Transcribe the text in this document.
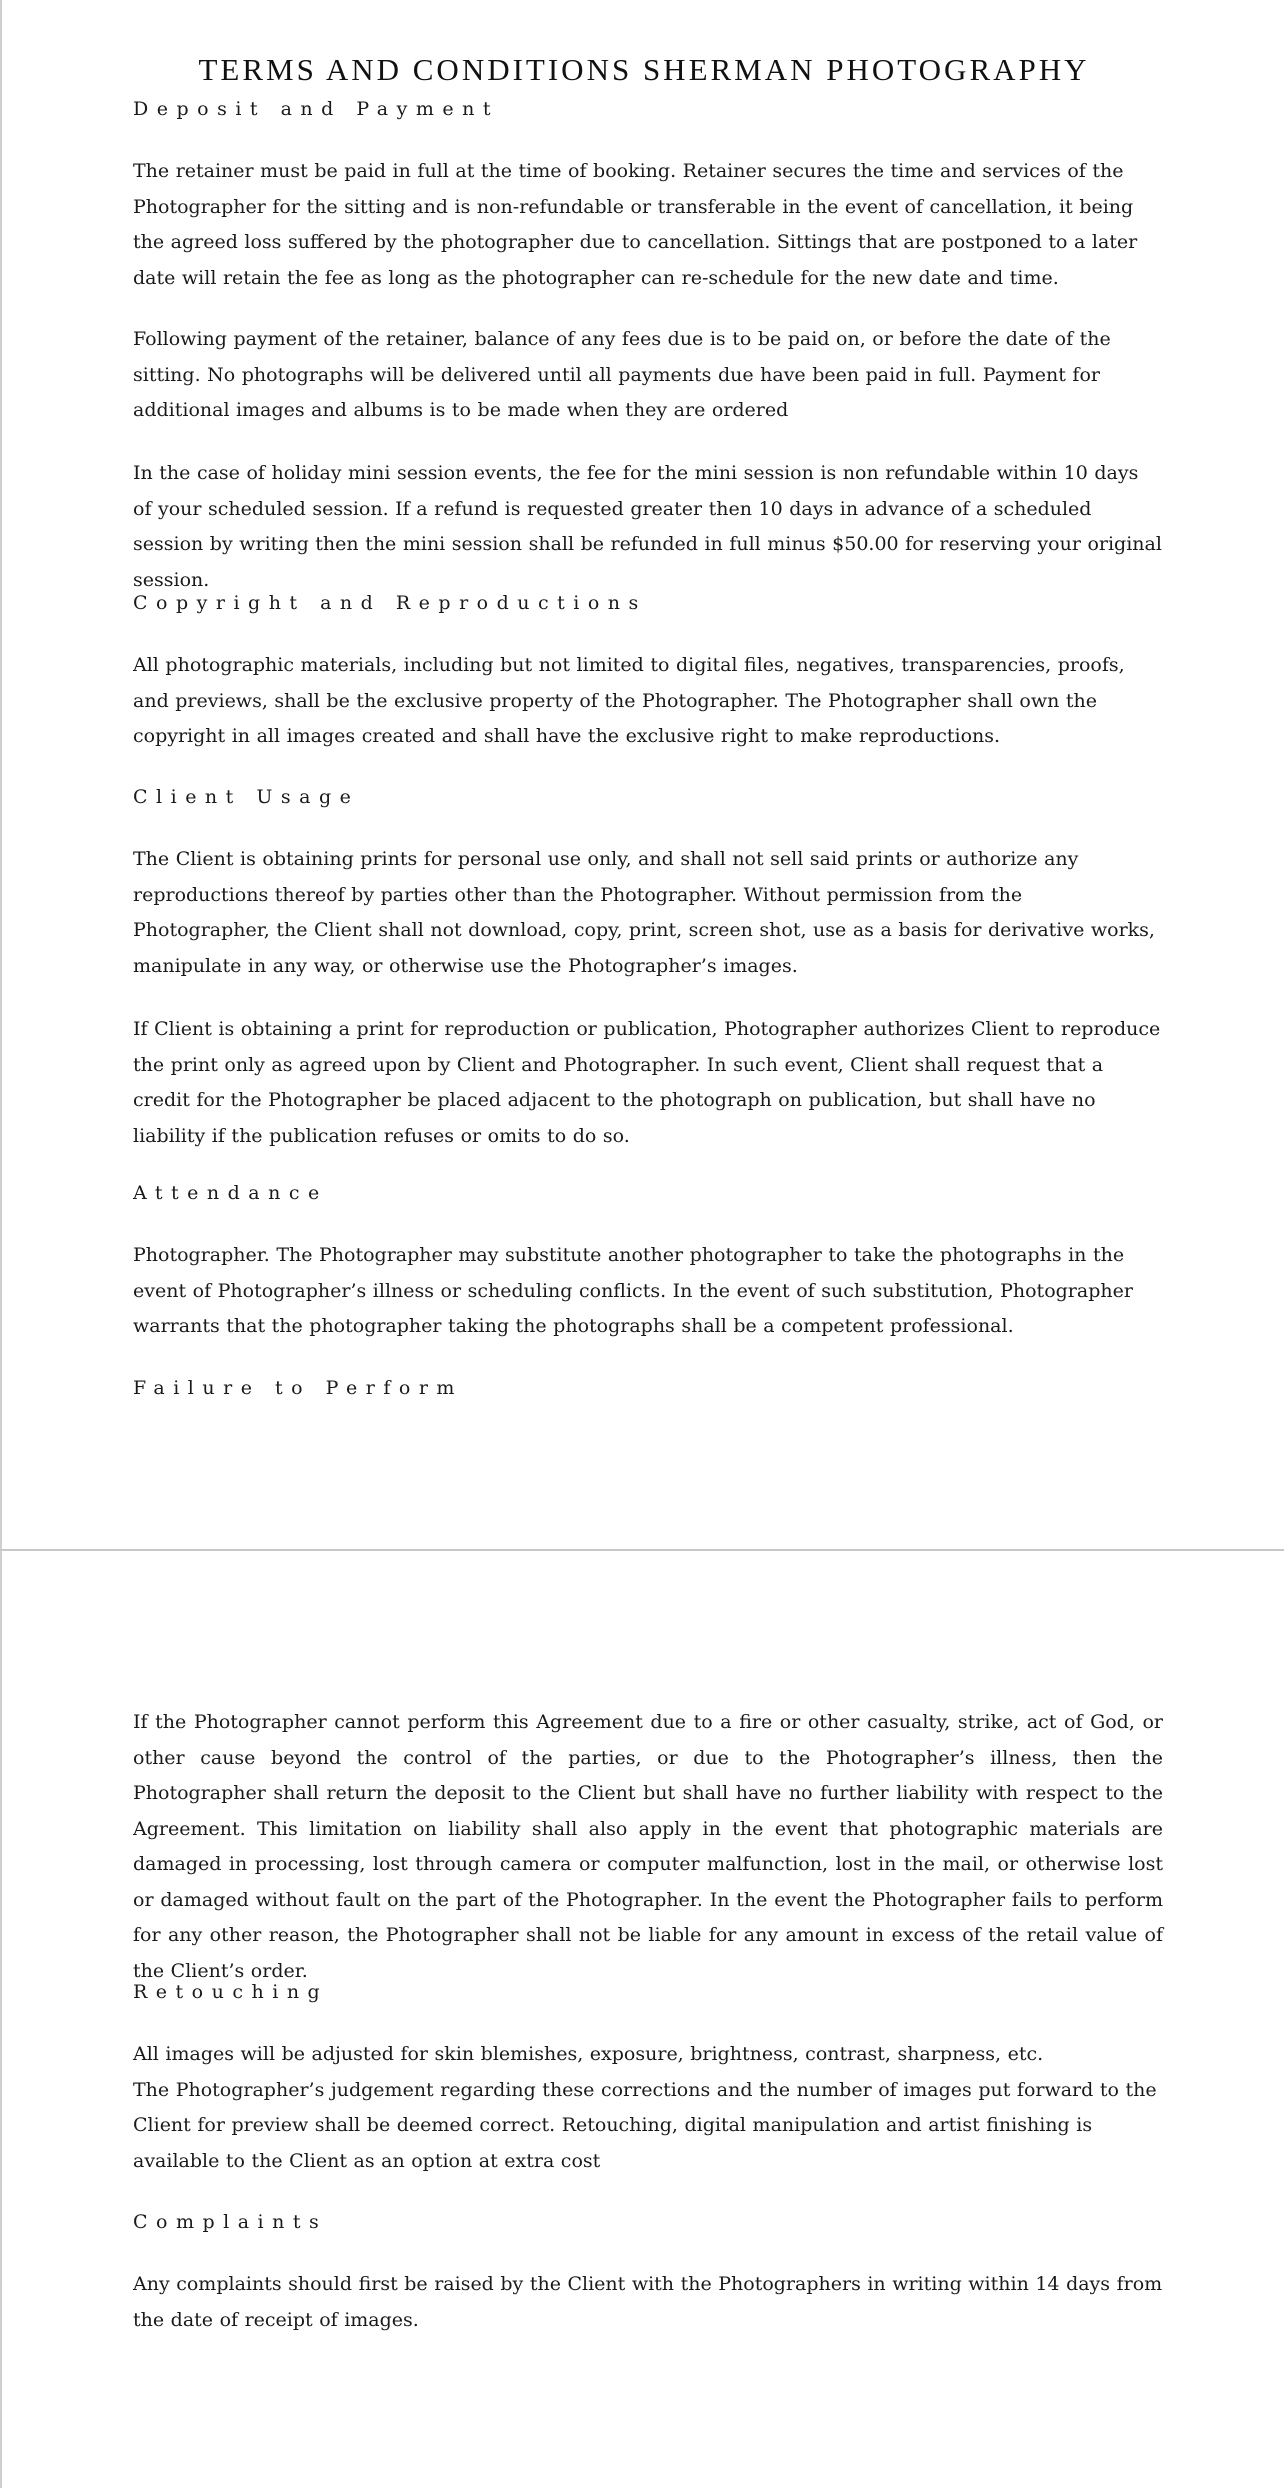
TERMS AND CONDITIONS SHERMAN PHOTOGRAPHY

Deposit and Payment

The retainer must be paid in full at the time of booking. Retainer secures the time and services of the Photographer for the sitting and is non-refundable or transferable in the event of cancellation, it being the agreed loss suffered by the photographer due to cancellation. Sittings that are postponed to a later date will retain the fee as long as the photographer can re-schedule for the new date and time.

Following payment of the retainer, balance of any fees due is to be paid on, or before the date of the sitting. No photographs will be delivered until all payments due have been paid in full. Payment for additional images and albums is to be made when they are ordered

In the case of holiday mini session events, the fee for the mini session is non refundable within 10 days of your scheduled session. If a refund is requested greater then 10 days in advance of a scheduled session by writing then the mini session shall be refunded in full minus $50.00 for reserving your original session.

Copyright and Reproductions

All photographic materials, including but not limited to digital files, negatives, transparencies, proofs, and previews, shall be the exclusive property of the Photographer. The Photographer shall own the copyright in all images created and shall have the exclusive right to make reproductions.

Client Usage

The Client is obtaining prints for personal use only, and shall not sell said prints or authorize any reproductions thereof by parties other than the Photographer. Without permission from the Photographer, the Client shall not download, copy, print, screen shot, use as a basis for derivative works, manipulate in any way, or otherwise use the Photographer’s images.

If Client is obtaining a print for reproduction or publication, Photographer authorizes Client to reproduce the print only as agreed upon by Client and Photographer. In such event, Client shall request that a credit for the Photographer be placed adjacent to the photograph on publication, but shall have no liability if the publication refuses or omits to do so.

Attendance

Photographer. The Photographer may substitute another photographer to take the photographs in the event of Photographer’s illness or scheduling conflicts. In the event of such substitution, Photographer warrants that the photographer taking the photographs shall be a competent professional.

Failure to Perform

If the Photographer cannot perform this Agreement due to a fire or other casualty, strike, act of God, or other cause beyond the control of the parties, or due to the Photographer’s illness, then the Photographer shall return the deposit to the Client but shall have no further liability with respect to the Agreement. This limitation on liability shall also apply in the event that photographic materials are damaged in processing, lost through camera or computer malfunction, lost in the mail, or otherwise lost or damaged without fault on the part of the Photographer. In the event the Photographer fails to perform for any other reason, the Photographer shall not be liable for any amount in excess of the retail value of the Client’s order.

Retouching

All images will be adjusted for skin blemishes, exposure, brightness, contrast, sharpness, etc.

The Photographer’s judgement regarding these corrections and the number of images put forward to the Client for preview shall be deemed correct. Retouching, digital manipulation and artist finishing is available to the Client as an option at extra cost

Complaints

Any complaints should first be raised by the Client with the Photographers in writing within 14 days from the date of receipt of images.
